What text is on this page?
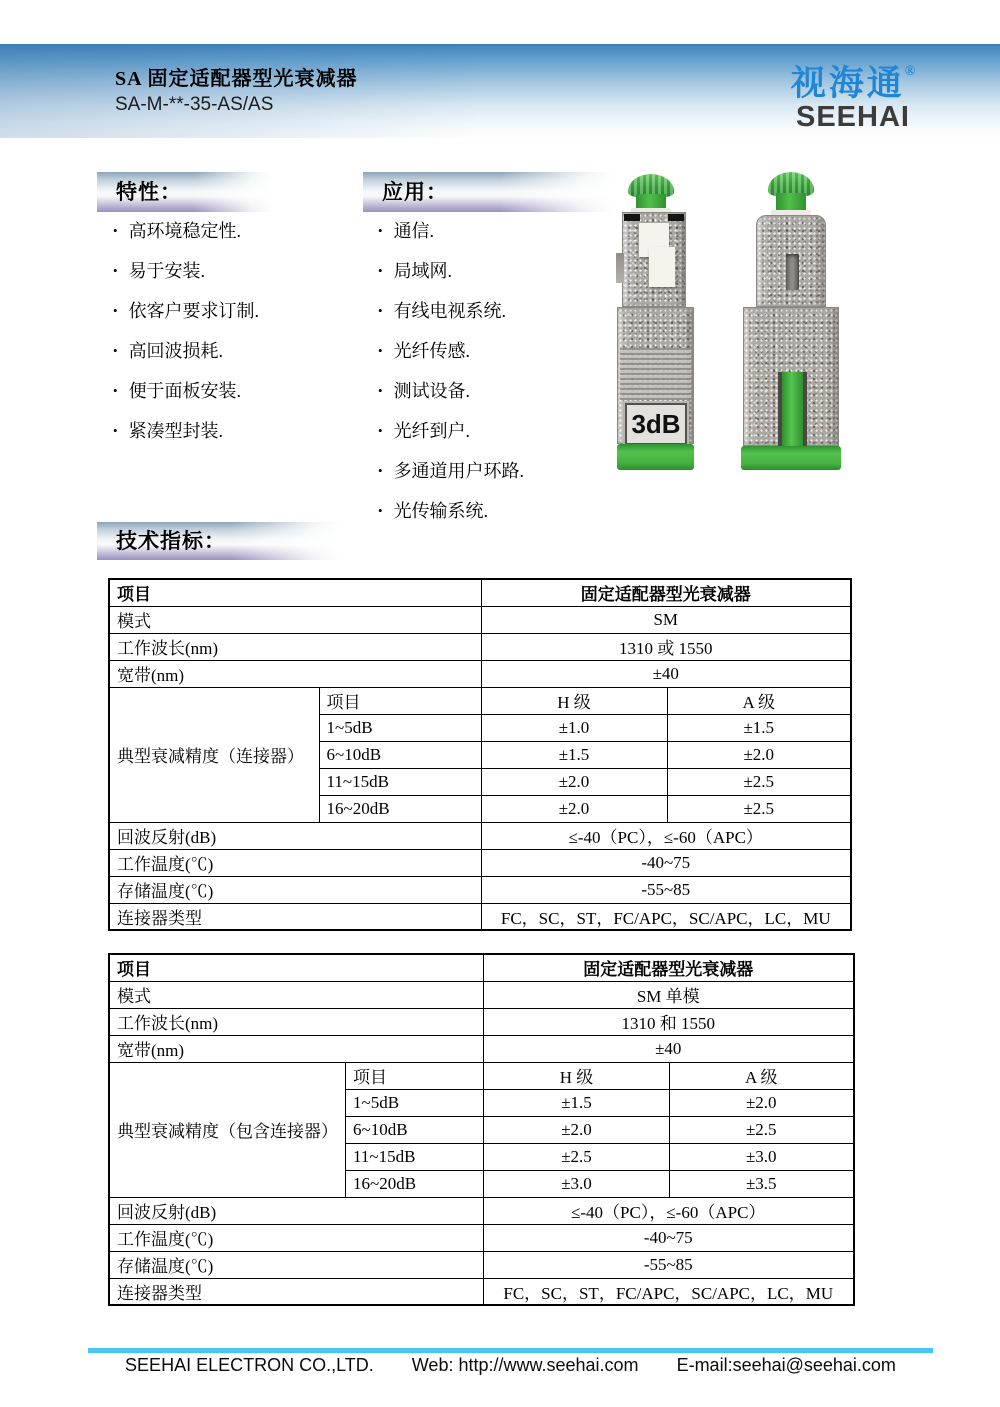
SA 固定适配器型光衰减器
SA-M-**-35-AS/AS
视海通®
SEEHAI
特性：	应用：
• 高环境稳定性.
• 易于安装.
• 依客户要求订制.
• 高回波损耗.
• 便于面板安装.
• 紧凑型封装.
• 通信.
• 局域网.
• 有线电视系统.
• 光纤传感.
• 测试设备.
• 光纤到户.
• 多通道用户环路.
• 光传输系统.
3dB
技术指标：
项目		固定适配器型光衰减器	
模式		SM	
工作波长(nm)		1310 或 1550	
宽带(nm)		±40	
典型衰减精度（连接器）	项目	H 级	A 级
	1~5dB	±1.0	±1.5
	6~10dB	±1.5	±2.0
	11~15dB	±2.0	±2.5
	16~20dB	±2.0	±2.5
回波反射(dB)		≤-40（PC），≤-60（APC）	
工作温度(℃)		-40~75	
存储温度(℃)		-55~85	
连接器类型		FC，SC，ST，FC/APC，SC/APC，LC，MU	
项目		固定适配器型光衰减器	
模式		SM 单模	
工作波长(nm)		1310 和 1550	
宽带(nm)		±40	
典型衰减精度（包含连接器）	项目	H 级	A 级
	1~5dB	±1.5	±2.0
	6~10dB	±2.0	±2.5
	11~15dB	±2.5	±3.0
	16~20dB	±3.0	±3.5
回波反射(dB)		≤-40（PC），≤-60（APC）	
工作温度(℃)		-40~75	
存储温度(℃)		-55~85	
连接器类型		FC，SC，ST，FC/APC，SC/APC，LC，MU	
SEEHAI ELECTRON CO.,LTD. Web: http://www.seehai.com E-mail:seehai@seehai.com
